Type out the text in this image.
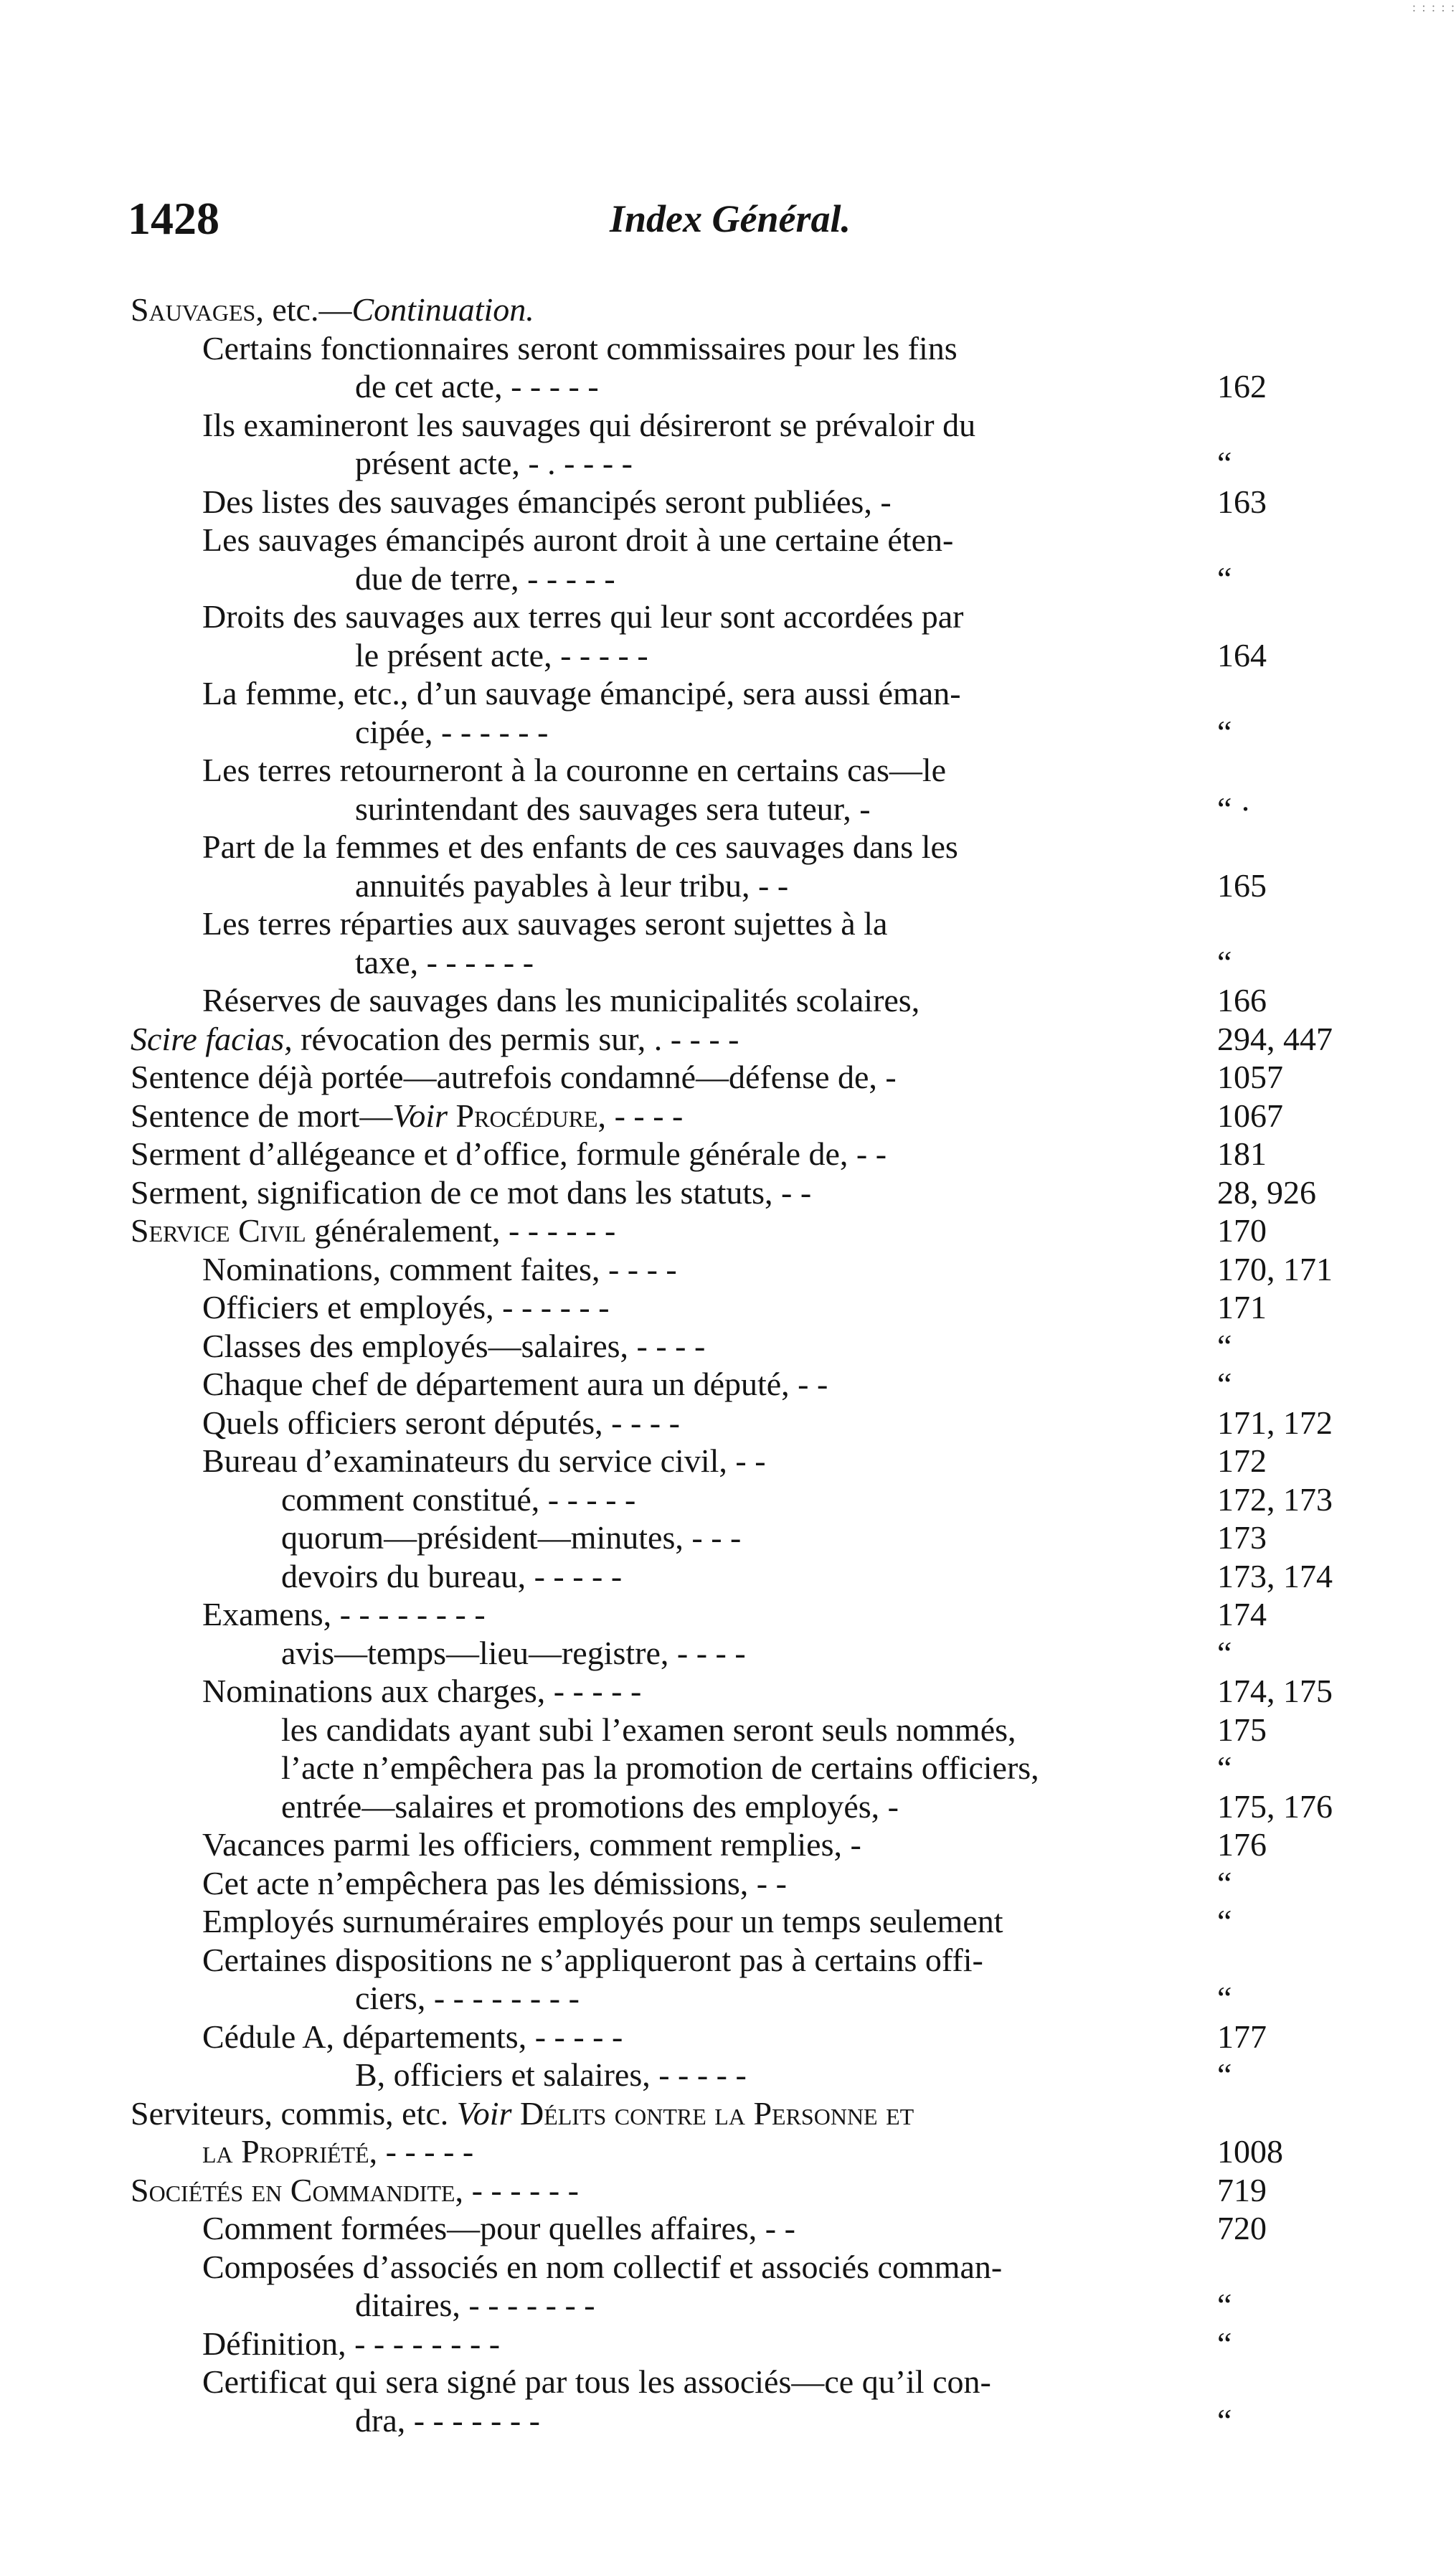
: : : : :
1428	Index Général.
Sauvages, etc.—Continuation.
Certains fonctionnaires seront commissaires pour les fins
de cet acte, - - - - -	162
Ils examineront les sauvages qui désireront se prévaloir du
présent acte, - . - - - -	“
Des listes des sauvages émancipés seront publiées, -	163
Les sauvages émancipés auront droit à une certaine éten-
due de terre, - - - - -	“
Droits des sauvages aux terres qui leur sont accordées par
le présent acte, - - - - -	164
La femme, etc., d’un sauvage émancipé, sera aussi éman-
cipée, - - - - - -	“
Les terres retourneront à la couronne en certains cas—le
surintendant des sauvages sera tuteur, -	“ ·
Part de la femmes et des enfants de ces sauvages dans les
annuités payables à leur tribu, - -	165
Les terres réparties aux sauvages seront sujettes à la
taxe, - - - - - -	“
Réserves de sauvages dans les municipalités scolaires,	166
Scire facias, révocation des permis sur, . - - - -	294, 447
Sentence déjà portée—autrefois condamné—défense de, -	1057
Sentence de mort—Voir Procédure, - - - -	1067
Serment d’allégeance et d’office, formule générale de, - -	181
Serment, signification de ce mot dans les statuts, - -	28, 926
Service Civil généralement, - - - - - -	170
Nominations, comment faites, - - - -	170, 171
Officiers et employés, - - - - - -	171
Classes des employés—salaires, - - - -	“
Chaque chef de département aura un député, - -	“
Quels officiers seront députés, - - - -	171, 172
Bureau d’examinateurs du service civil, - -	172
comment constitué, - - - - -	172, 173
quorum—président—minutes, - - -	173
devoirs du bureau, - - - - -	173, 174
Examens, - - - - - - - -	174
avis—temps—lieu—registre, - - - -	“
Nominations aux charges, - - - - -	174, 175
les candidats ayant subi l’examen seront seuls nommés,	175
l’acte n’empêchera pas la promotion de certains officiers,	“
entrée—salaires et promotions des employés, -	175, 176
Vacances parmi les officiers, comment remplies, -	176
Cet acte n’empêchera pas les démissions, - -	“
Employés surnuméraires employés pour un temps seulement	“
Certaines dispositions ne s’appliqueront pas à certains offi-
ciers, - - - - - - - -	“
Cédule A, départements, - - - - -	177
B, officiers et salaires, - - - - -	“
Serviteurs, commis, etc. Voir Délits contre la Personne et
la Propriété, - - - - -	1008
Sociétés en Commandite, - - - - - -	719
Comment formées—pour quelles affaires, - -	720
Composées d’associés en nom collectif et associés comman-
ditaires, - - - - - - -	“
Définition, - - - - - - - -	“
Certificat qui sera signé par tous les associés—ce qu’il con-
dra, - - - - - - -	“
